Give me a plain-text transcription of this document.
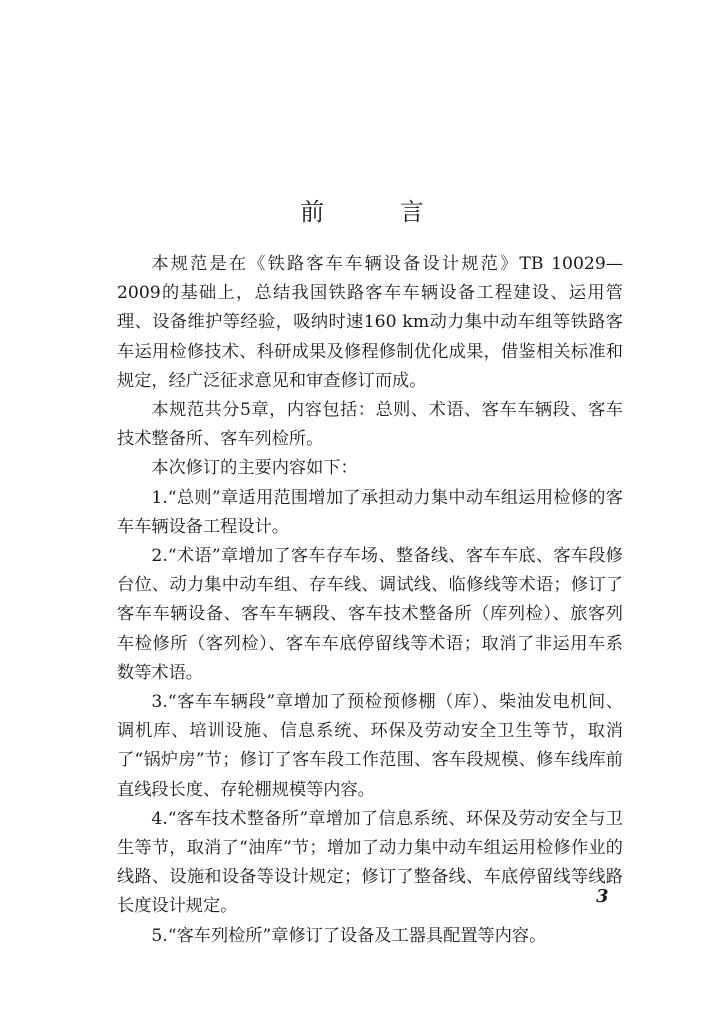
前 言

本规范是在《铁路客车车辆设备设计规范》TB 10029—2009的基础上，总结我国铁路客车车辆设备工程建设、运用管理、设备维护等经验，吸纳时速160 km动力集中动车组等铁路客车运用检修技术、科研成果及修程修制优化成果，借鉴相关标准和规定，经广泛征求意见和审查修订而成。

本规范共分5章，内容包括：总则、术语、客车车辆段、客车技术整备所、客车列检所。

本次修订的主要内容如下：

1.“总则”章适用范围增加了承担动力集中动车组运用检修的客车车辆设备工程设计。

2.“术语”章增加了客车存车场、整备线、客车车底、客车段修台位、动力集中动车组、存车线、调试线、临修线等术语；修订了客车车辆设备、客车车辆段、客车技术整备所（库列检）、旅客列车检修所（客列检）、客车车底停留线等术语；取消了非运用车系数等术语。

3.“客车车辆段”章增加了预检预修棚（库）、柴油发电机间、调机库、培训设施、信息系统、环保及劳动安全卫生等节，取消了“锅炉房”节；修订了客车段工作范围、客车段规模、修车线库前直线段长度、存轮棚规模等内容。

4.“客车技术整备所”章增加了信息系统、环保及劳动安全与卫生等节，取消了“油库”节；增加了动力集中动车组运用检修作业的线路、设施和设备等设计规定；修订了整备线、车底停留线等线路长度设计规定。

5.“客车列检所”章修订了设备及工器具配置等内容。

3
